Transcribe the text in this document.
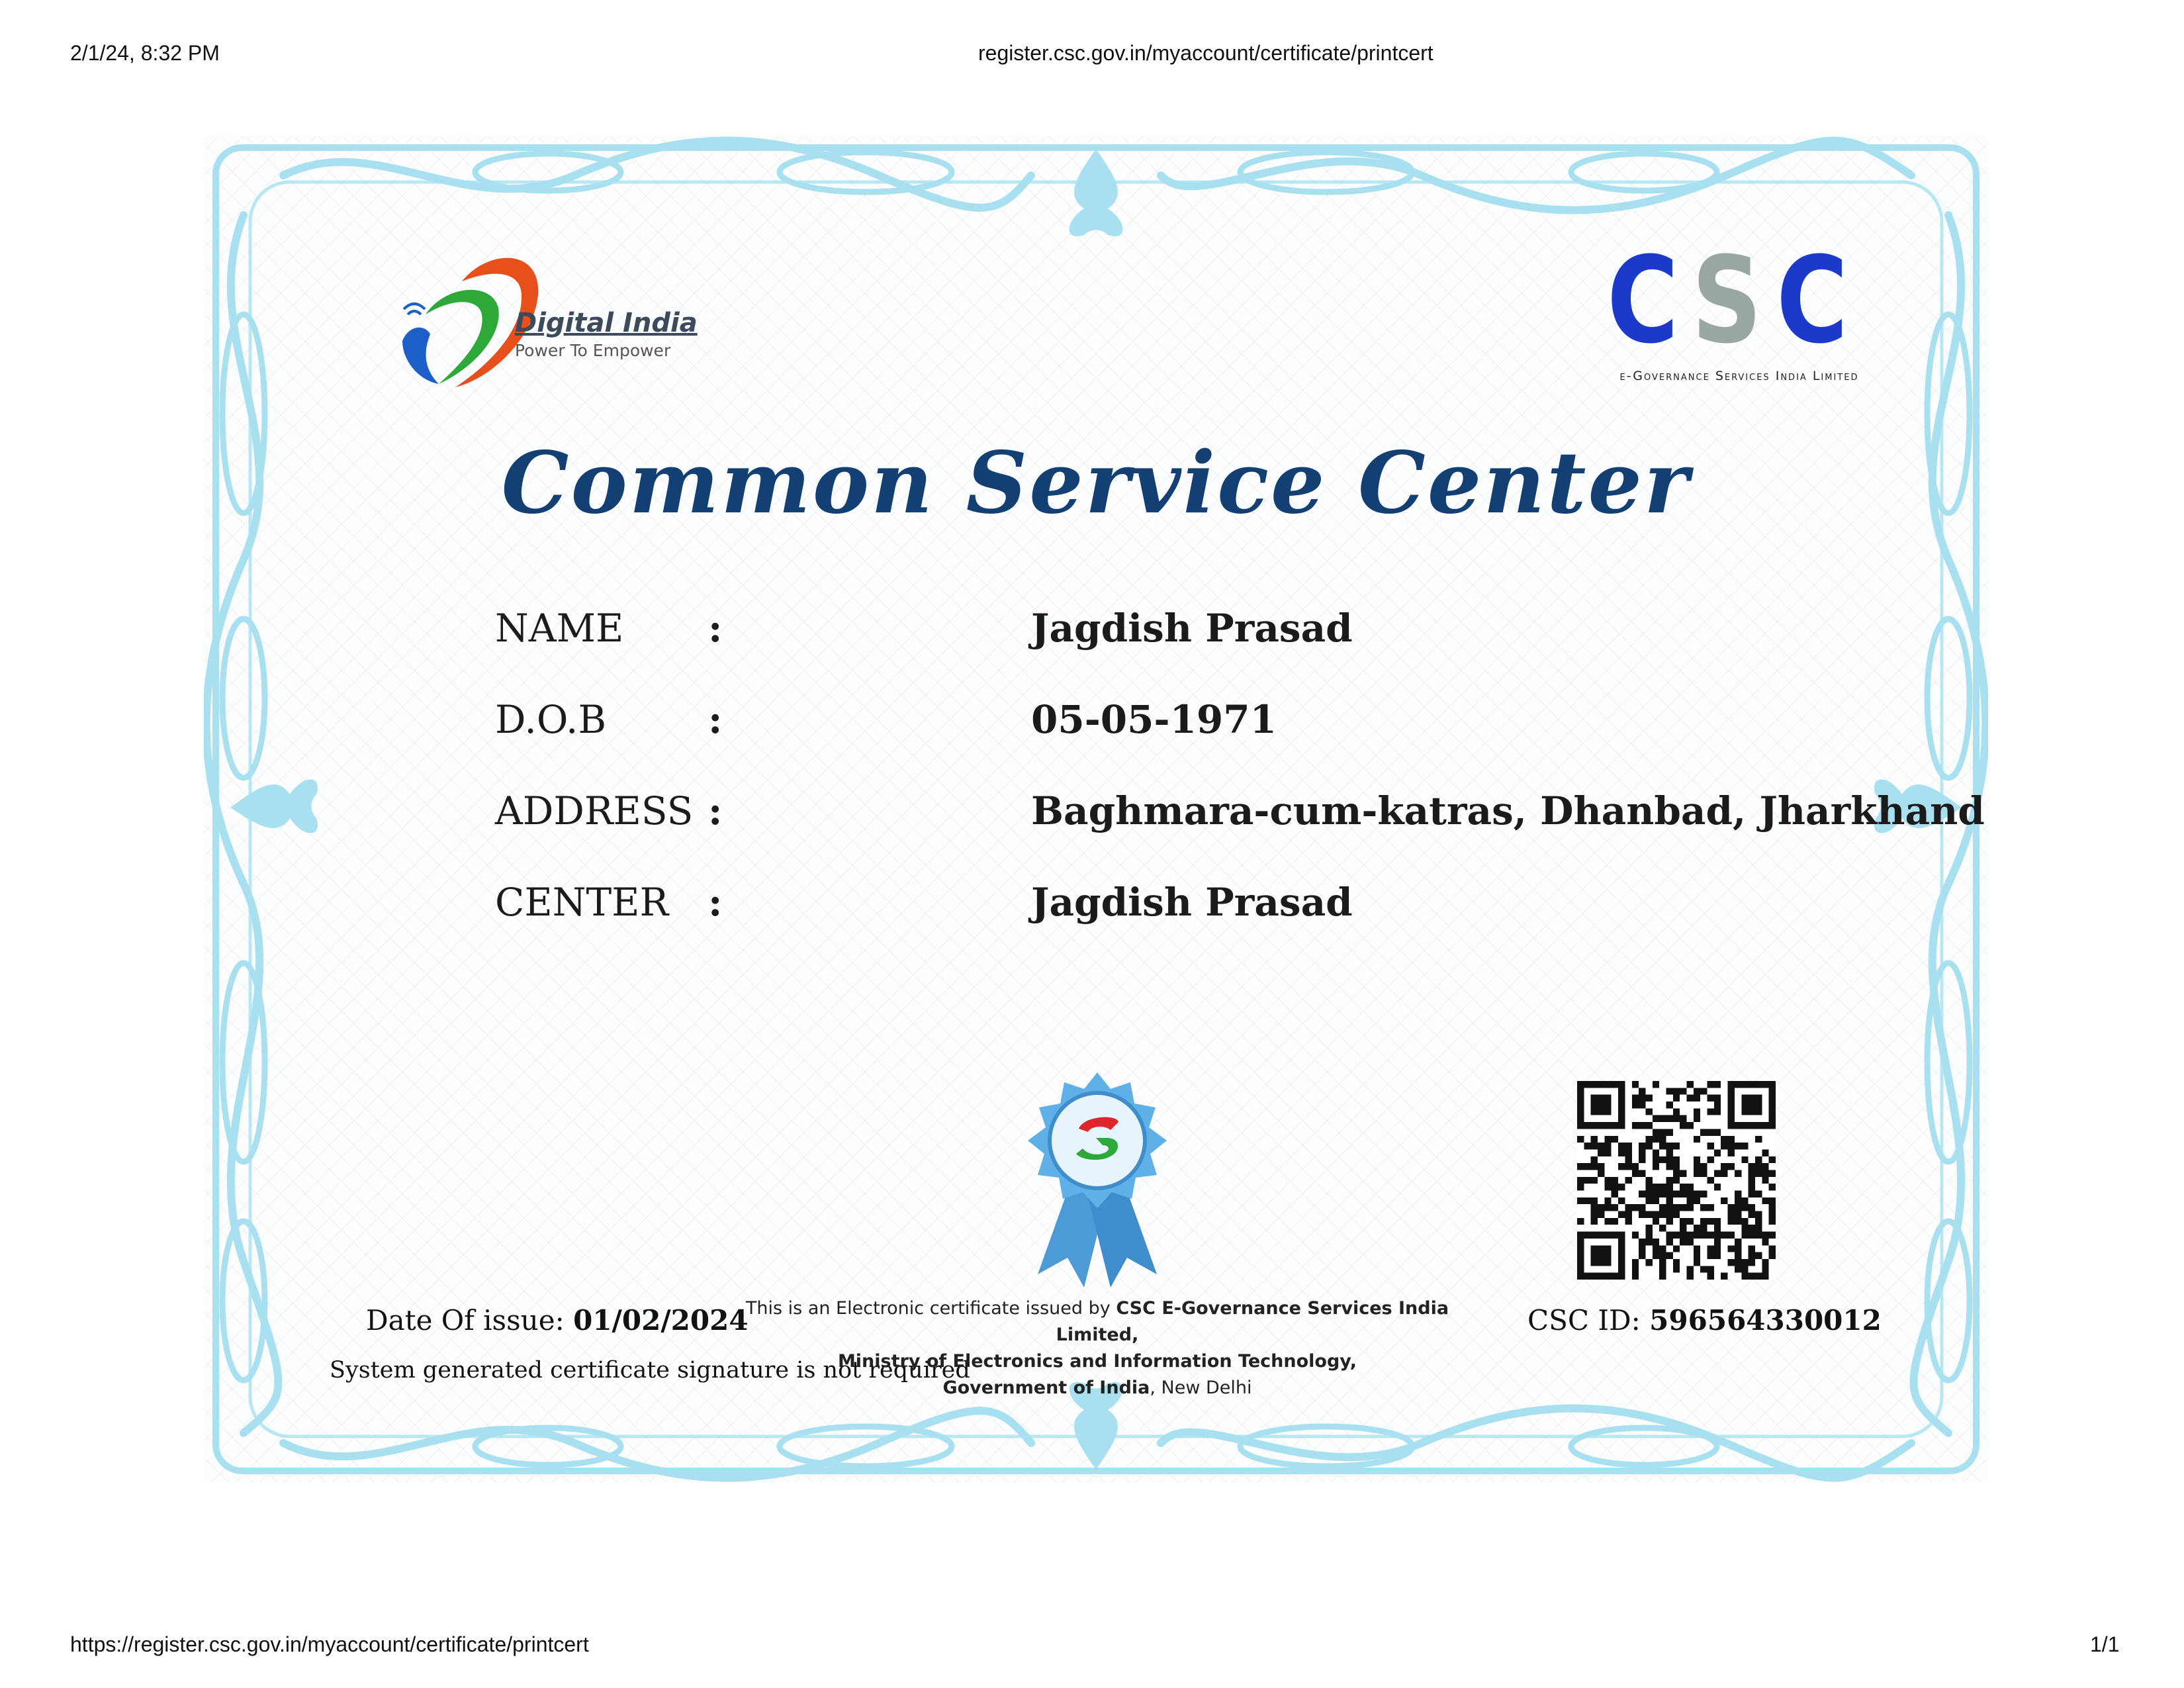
2/1/24, 8:32 PM	register.csc.gov.in/myaccount/certificate/printcert
Digital India
Power To Empower	C S C
e-Governance Services India Limited
Common Service Center
NAME :	Jagdish Prasad
D.O.B	:	05-05-1971
ADDRESS :	Baghmara-cum-katras, Dhanbad, Jharkhand
CENTER :	Jagdish Prasad
Date Of issue: 01/02/2024
System generated certificate signature is not required
This is an Electronic certificate issued by CSC E-Governance Services India Limited,
Ministry of Electronics and Information Technology,
Government of India, New Delhi
CSC ID: 596564330012
https://register.csc.gov.in/myaccount/certificate/printcert	1/1
